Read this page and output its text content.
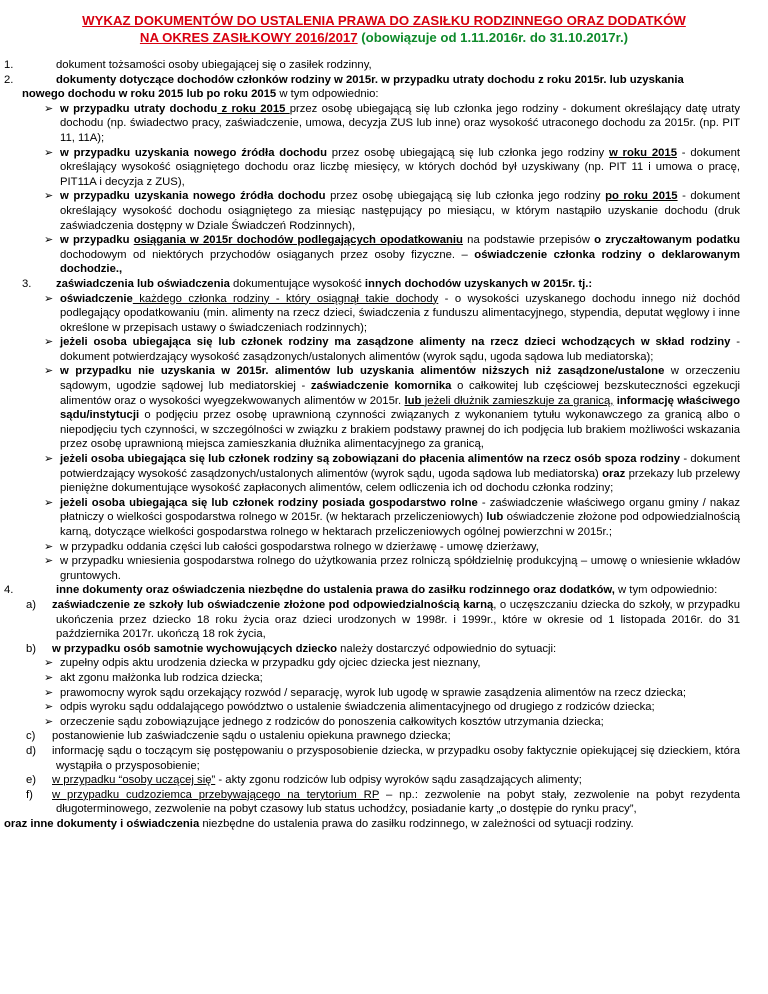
WYKAZ DOKUMENTÓW DO USTALENIA PRAWA DO ZASIŁKU RODZINNEGO ORAZ DODATKÓW
NA OKRES ZASIŁKOWY 2016/2017 (obowiązuje od 1.11.2016r. do 31.10.2017r.)
1.	dokument tożsamości osoby ubiegającej się o zasiłek rodzinny,
2.	dokumenty dotyczące dochodów członków rodziny w 2015r. w przypadku utraty dochodu z roku 2015r. lub uzyskania
nowego dochodu w roku 2015 lub po roku 2015 w tym odpowiednio:
➢ w przypadku utraty dochodu z roku 2015 przez osobę ubiegającą się lub członka jego rodziny - dokument określający datę utraty dochodu (np. świadectwo pracy, zaświadczenie, umowa, decyzja ZUS lub inne) oraz wysokość utraconego dochodu za 2015r. (np. PIT 11, 11A);
➢ w przypadku uzyskania nowego źródła dochodu przez osobę ubiegającą się lub członka jego rodziny w roku 2015 - dokument określający wysokość osiągniętego dochodu oraz liczbę miesięcy, w których dochód był uzyskiwany (np. PIT 11 i umowa o pracę, PIT11A i decyzja z ZUS),
➢ w przypadku uzyskania nowego źródła dochodu przez osobę ubiegającą się lub członka jego rodziny po roku 2015 - dokument określający wysokość dochodu osiągniętego za miesiąc następujący po miesiącu, w którym nastąpiło uzyskanie dochodu (druk zaświadczenia dostępny w Dziale Świadczeń Rodzinnych),
➢ w przypadku osiągania w 2015r dochodów podlegających opodatkowaniu na podstawie przepisów o zryczałtowanym podatku dochodowym od niektórych przychodów osiąganych przez osoby fizyczne. – oświadczenie członka rodziny o deklarowanym dochodzie.,
3. zaświadczenia lub oświadczenia dokumentujące wysokość innych dochodów uzyskanych w 2015r. tj.:
➢ oświadczenie każdego członka rodziny - który osiągnął takie dochody - o wysokości uzyskanego dochodu innego niż dochód podlegający opodatkowaniu (min. alimenty na rzecz dzieci, świadczenia z funduszu alimentacyjnego, stypendia, deputat węglowy i inne określone w przepisach ustawy o świadczeniach rodzinnych);
➢ jeżeli osoba ubiegająca się lub członek rodziny ma zasądzone alimenty na rzecz dzieci wchodzących w skład rodziny - dokument potwierdzający wysokość zasądzonych/ustalonych alimentów (wyrok sądu, ugoda sądowa lub mediatorska);
➢ w przypadku nie uzyskania w 2015r. alimentów lub uzyskania alimentów niższych niż zasądzone/ustalone w orzeczeniu sądowym, ugodzie sądowej lub mediatorskiej - zaświadczenie komornika o całkowitej lub częściowej bezskuteczności egzekucji alimentów oraz o wysokości wyegzekwowanych alimentów w 2015r. lub jeżeli dłużnik zamieszkuje za granicą, informację właściwego sądu/instytucji o podjęciu przez osobę uprawnioną czynności związanych z wykonaniem tytułu wykonawczego za granicą albo o niepodjęciu tych czynności, w szczególności w związku z brakiem podstawy prawnej do ich podjęcia lub brakiem możliwości wskazania przez osobę uprawnioną miejsca zamieszkania dłużnika alimentacyjnego za granicą,
➢ jeżeli osoba ubiegająca się lub członek rodziny są zobowiązani do płacenia alimentów na rzecz osób spoza rodziny - dokument potwierdzający wysokość zasądzonych/ustalonych alimentów (wyrok sądu, ugoda sądowa lub mediatorska) oraz przekazy lub przelewy pieniężne dokumentujące wysokość zapłaconych alimentów, celem odliczenia ich od dochodu członka rodziny;
➢ jeżeli osoba ubiegająca się lub członek rodziny posiada gospodarstwo rolne - zaświadczenie właściwego organu gminy / nakaz płatniczy o wielkości gospodarstwa rolnego w 2015r. (w hektarach przeliczeniowych) lub oświadczenie złożone pod odpowiedzialnością karną, dotyczące wielkości gospodarstwa rolnego w hektarach przeliczeniowych ogólnej powierzchni w 2015r.;
➢ w przypadku oddania części lub całości gospodarstwa rolnego w dzierżawę - umowę dzierżawy,
➢ w przypadku wniesienia gospodarstwa rolnego do użytkowania przez rolniczą spółdzielnię produkcyjną – umowę o wniesienie wkładów gruntowych.
4.	inne dokumenty oraz oświadczenia niezbędne do ustalenia prawa do zasiłku rodzinnego oraz dodatków, w tym odpowiednio:
a) zaświadczenie ze szkoły lub oświadczenie złożone pod odpowiedzialnością karną, o uczęszczaniu dziecka do szkoły, w przypadku ukończenia przez dziecko 18 roku życia oraz dzieci urodzonych w 1998r. i 1999r., które w okresie od 1 listopada 2016r. do 31 października 2017r. ukończą 18 rok życia,
b) w przypadku osób samotnie wychowujących dziecko należy dostarczyć odpowiednio do sytuacji:
➢ zupełny odpis aktu urodzenia dziecka w przypadku gdy ojciec dziecka jest nieznany,
➢ akt zgonu małżonka lub rodzica dziecka;
➢ prawomocny wyrok sądu orzekający rozwód / separację, wyrok lub ugodę w sprawie zasądzenia alimentów na rzecz dziecka;
➢ odpis wyroku sądu oddalającego powództwo o ustalenie świadczenia alimentacyjnego od drugiego z rodziców dziecka;
➢ orzeczenie sądu zobowiązujące jednego z rodziców do ponoszenia całkowitych kosztów utrzymania dziecka;
c) postanowienie lub zaświadczenie sądu o ustaleniu opiekuna prawnego dziecka;
d) informację sądu o toczącym się postępowaniu o przysposobienie dziecka, w przypadku osoby faktycznie opiekującej się dzieckiem, która wystąpiła o przysposobienie;
e) w przypadku “osoby uczącej się” - akty zgonu rodziców lub odpisy wyroków sądu zasądzających alimenty;
f) w przypadku cudzoziemca przebywającego na terytorium RP – np.: zezwolenie na pobyt stały, zezwolenie na pobyt rezydenta długoterminowego, zezwolenie na pobyt czasowy lub status uchodźcy, posiadanie karty „o dostępie do rynku pracy”,
oraz inne dokumenty i oświadczenia niezbędne do ustalenia prawa do zasiłku rodzinnego, w zależności od sytuacji rodziny.
